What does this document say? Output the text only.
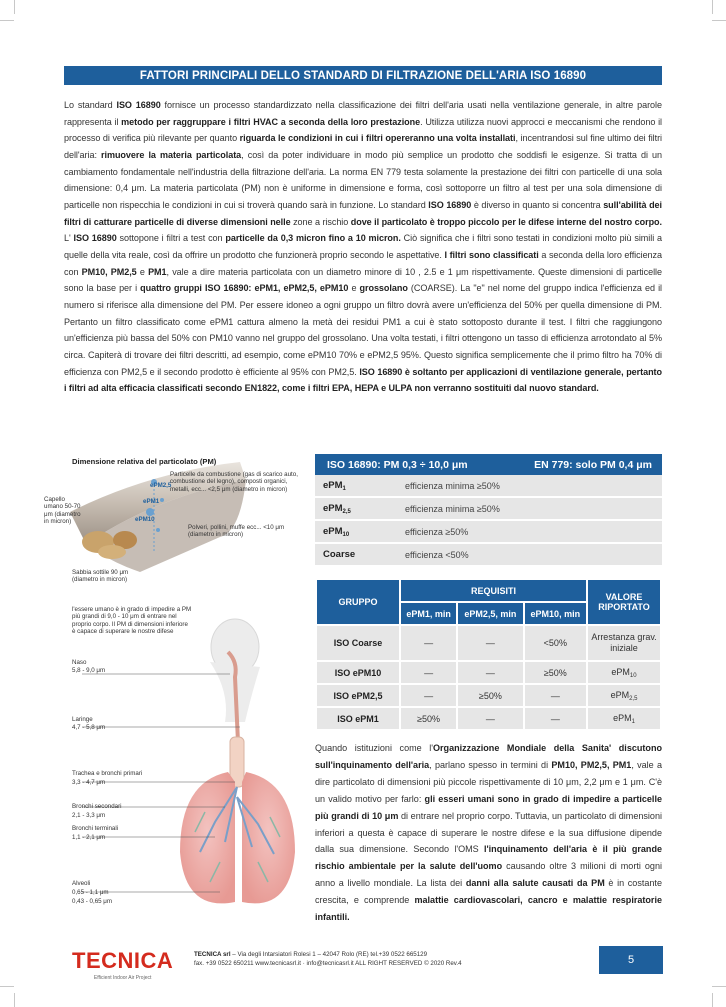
FATTORI PRINCIPALI DELLO STANDARD DI FILTRAZIONE DELL'ARIA ISO 16890
Lo standard ISO 16890 fornisce un processo standardizzato nella classificazione dei filtri dell'aria usati nella ventilazione generale, in altre parole rappresenta il metodo per raggruppare i filtri HVAC a seconda della loro prestazione. Utilizza utilizza nuovi approcci e meccanismi che rendono il processo di verifica più rilevante per quanto riguarda le condizioni in cui i filtri opereranno una volta installati, incentrandosi sul fine ultimo dei filtri dell'aria: rimuovere la materia particolata, così da poter individuare in modo più semplice un prodotto che soddisfi le esigenze. Si tratta di un cambiamento fondamentale nell'industria della filtrazione dell'aria. La norma EN 779 testa solamente la prestazione dei filtri con particelle di una sola dimensione: 0,4 μm. La materia particolata (PM) non è uniforme in dimensione e forma, così sottoporre un filtro al test per una sola dimensione di particelle non rispecchia le condizioni in cui si troverà quando sarà in funzione. Lo standard ISO 16890 è diverso in quanto si concentra sull'abilità dei filtri di catturare particelle di diverse dimensioni nelle zone a rischio dove il particolato è troppo piccolo per le difese interne del nostro corpo. L' ISO 16890 sottopone i filtri a test con particelle da 0,3 micron fino a 10 micron. Ciò significa che i filtri sono testati in condizioni molto più simili a quelle della vita reale, così da offrire un prodotto che funzionerà proprio secondo le aspettative. I filtri sono classificati a seconda della loro efficienza con PM10, PM2,5 e PM1, vale a dire materia particolata con un diametro minore di 10 , 2.5 e 1 μm rispettivamente. Queste dimensioni di particelle sono la base per i quattro gruppi ISO 16890: ePM1, ePM2,5, ePM10 e grossolano (COARSE). La "e" nel nome del gruppo indica l'efficienza ed il numero si riferisce alla dimensione del PM. Per essere idoneo a ogni gruppo un filtro dovrà avere un'efficienza del 50% per quella dimensione di PM. Pertanto un filtro classificato come ePM1 cattura almeno la metà dei residui PM1 a cui è stato sottoposto durante il test. I filtri che raggiungono un'efficienza più bassa del 50% con PM10 vanno nel gruppo del grossolano. Una volta testati, i filtri ottengono un tasso di efficienza arrotondato al 5% circa. Capiterà di trovare dei filtri descritti, ad esempio, come ePM10 70% e ePM2,5 95%. Questo significa semplicemente che il primo filtro ha 70% di efficienza con PM2,5 e il secondo prodotto è efficiente al 95% con PM2,5. ISO 16890 è soltanto per applicazioni di ventilazione generale, pertanto i filtri ad alta efficacia classificati secondo EN1822, come i filtri EPA, HEPA e ULPA non verranno sostituiti dal nuovo standard.
Dimensione relativa del particolato (PM)
Capello umano 50-70 μm (diametro in micron)
Particelle da combustione (gas di scarico auto, combustione del legno), composti organici, metalli, ecc... <2,5 μm (diametro in micron)
Polveri, pollini, muffe ecc... <10 μm (diametro in micron)
Sabbia sottile 90 μm (diametro in micron)
ePM2,5
ePM1
ePM10
l'essere umano è in grado di impedire a PM più grandi di 9,0 - 10 μm di entrare nel proprio corpo. Il PM di dimensioni inferiore è capace di superare le nostre difese
Naso
5,8 - 9,0 μm
Laringe
4,7 - 5,8 μm
Trachea e bronchi primari
3,3 - 4,7 μm
Bronchi secondari
2,1 - 3,3 μm
Bronchi terminali
1,1 - 2,1 μm
Alveoli
0,65 - 1,1 μm
0,43 - 0,65 μm
ISO 16890: PM 0,3 ÷ 10,0 μm	EN 779: solo PM 0,4 μm
ePM$_1$	efficienza minima ≥50%
ePM$_{2,5}$	efficienza minima ≥50%
ePM$_{10}$	efficienza ≥50%
Coarse	efficienza <50%
GRUPPO	REQUISITI			VALORE RIPORTATO
	ePM1, min	ePM2,5, min	ePM10, min	
ISO Coarse	—	—	<50%	Arrestanza grav. iniziale
ISO ePM10	—	—	≥50%	ePM$_{10}$
ISO ePM2,5	—	≥50%	—	ePM$_{2,5}$
ISO ePM1	≥50%	—	—	ePM$_1$
Quando istituzioni come l'Organizzazione Mondiale della Sanita' discutono sull'inquinamento dell'aria, parlano spesso in termini di PM10, PM2,5, PM1, vale a dire particolato di dimensioni più piccole rispettivamente di 10 μm, 2,2 μm e 1 μm. C'è un valido motivo per farlo: gli esseri umani sono in grado di impedire a particelle più grandi di 10 μm di entrare nel proprio corpo. Tuttavia, un particolato di dimensioni inferiori a questa è capace di superare le nostre difese e la sua diffusione dipende dalla sua dimensione. Secondo l'OMS l'inquinamento dell'aria è il più grande rischio ambientale per la salute dell'uomo causando oltre 3 milioni di morti ogni anno a livello mondiale. La lista dei danni alla salute causati da PM è in costante crescita, e comprende malattie cardiovascolari, cancro e malattie respiratorie infantili.
TECNICA
Efficient Indoor Air Project
TECNICA srl – Via degli Intarsiatori Rolesi 1 – 42047 Rolo (RE) tel.+39 0522 665129
fax. +39 0522 650211 www.tecnicasrl.it · info@tecnicasrl.it ALL RIGHT RESERVED © 2020 Rev.4	5
